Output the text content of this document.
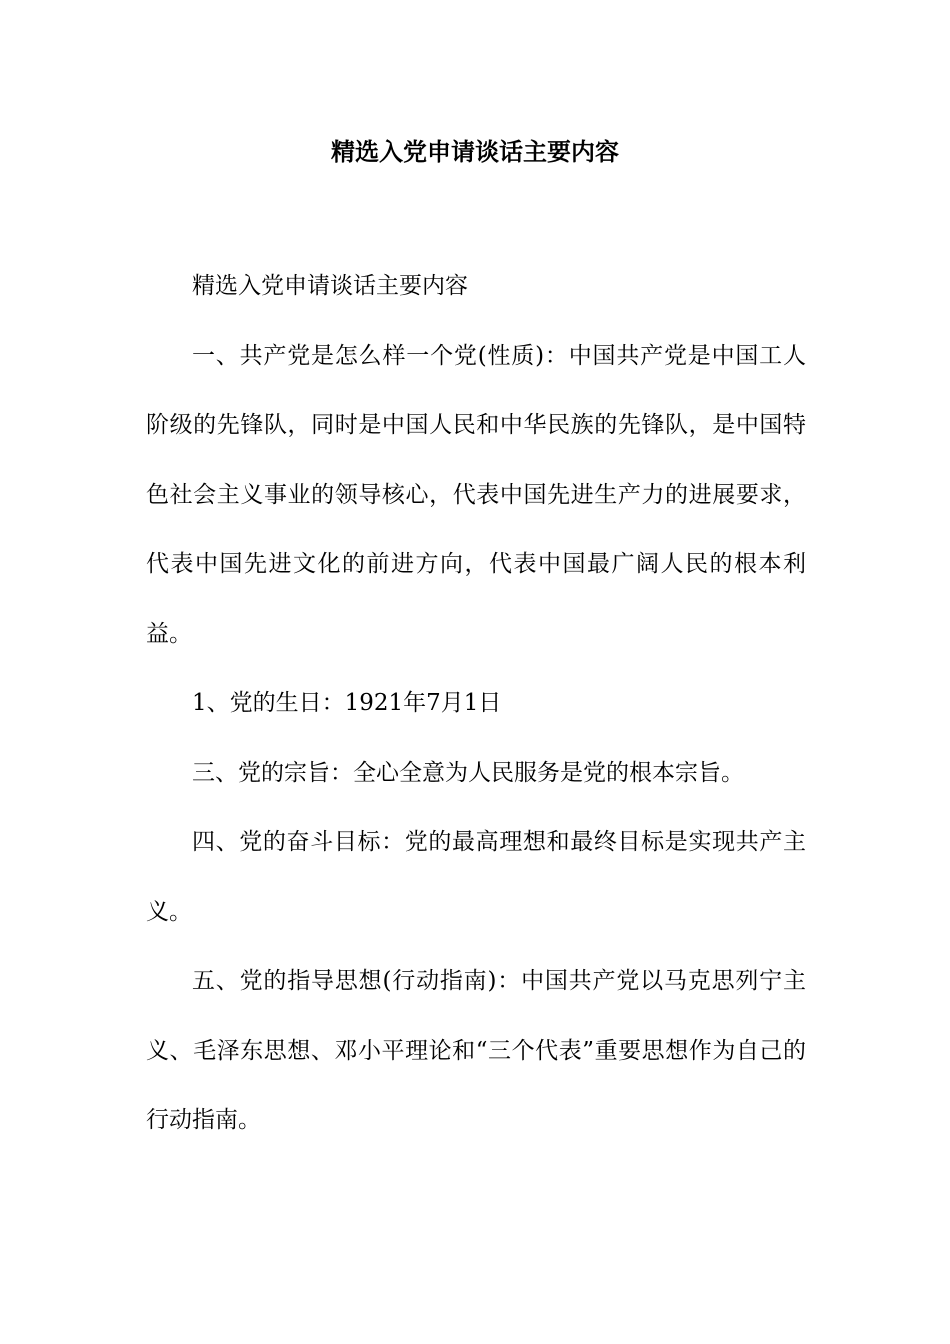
精选入党申请谈话主要内容

精选入党申请谈话主要内容

一、共产党是怎么样一个党(性质)：中国共产党是中国工人阶级的先锋队，同时是中国人民和中华民族的先锋队，是中国特色社会主义事业的领导核心，代表中国先进生产力的进展要求，代表中国先进文化的前进方向，代表中国最广阔人民的根本利益。

1、党的生日：1921年7月1日

三、党的宗旨：全心全意为人民服务是党的根本宗旨。

四、党的奋斗目标：党的最高理想和最终目标是实现共产主义。

五、党的指导思想(行动指南)：中国共产党以马克思列宁主义、毛泽东思想、邓小平理论和“三个代表”重要思想作为自己的行动指南。
